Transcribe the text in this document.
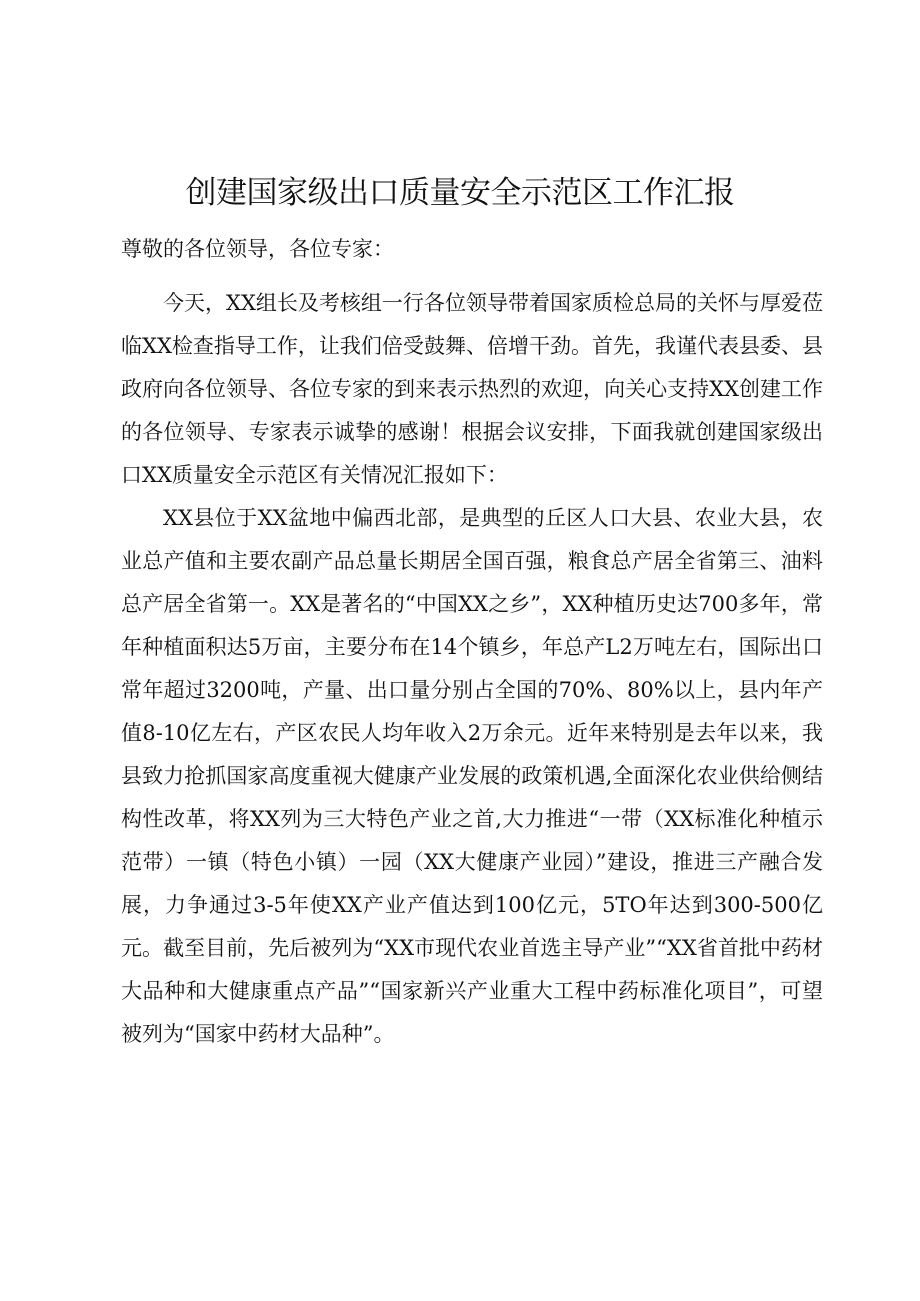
创建国家级出口质量安全示范区工作汇报
尊敬的各位领导，各位专家：

今天，XX组长及考核组一行各位领导带着国家质检总局的关怀与厚爱莅临XX检查指导工作，让我们倍受鼓舞、倍增干劲。首先，我谨代表县委、县政府向各位领导、各位专家的到来表示热烈的欢迎，向关心支持XX创建工作的各位领导、专家表示诚挚的感谢！根据会议安排，下面我就创建国家级出口XX质量安全示范区有关情况汇报如下：

XX县位于XX盆地中偏西北部，是典型的丘区人口大县、农业大县，农业总产值和主要农副产品总量长期居全国百强，粮食总产居全省第三、油料总产居全省第一。XX是著名的“中国XX之乡”，XX种植历史达700多年，常年种植面积达5万亩，主要分布在14个镇乡，年总产L2万吨左右，国际出口常年超过3200吨，产量、出口量分别占全国的70%、80%以上，县内年产值8-10亿左右，产区农民人均年收入2万余元。近年来特别是去年以来，我县致力抢抓国家高度重视大健康产业发展的政策机遇,全面深化农业供给侧结构性改革，将XX列为三大特色产业之首,大力推进“一带（XX标准化种植示范带）一镇（特色小镇）一园（XX大健康产业园）”建设，推进三产融合发展，力争通过3-5年使XX产业产值达到100亿元，5TO年达到300-500亿元。截至目前，先后被列为“XX市现代农业首选主导产业”“XX省首批中药材大品种和大健康重点产品”“国家新兴产业重大工程中药标准化项目”，可望被列为“国家中药材大品种”。
